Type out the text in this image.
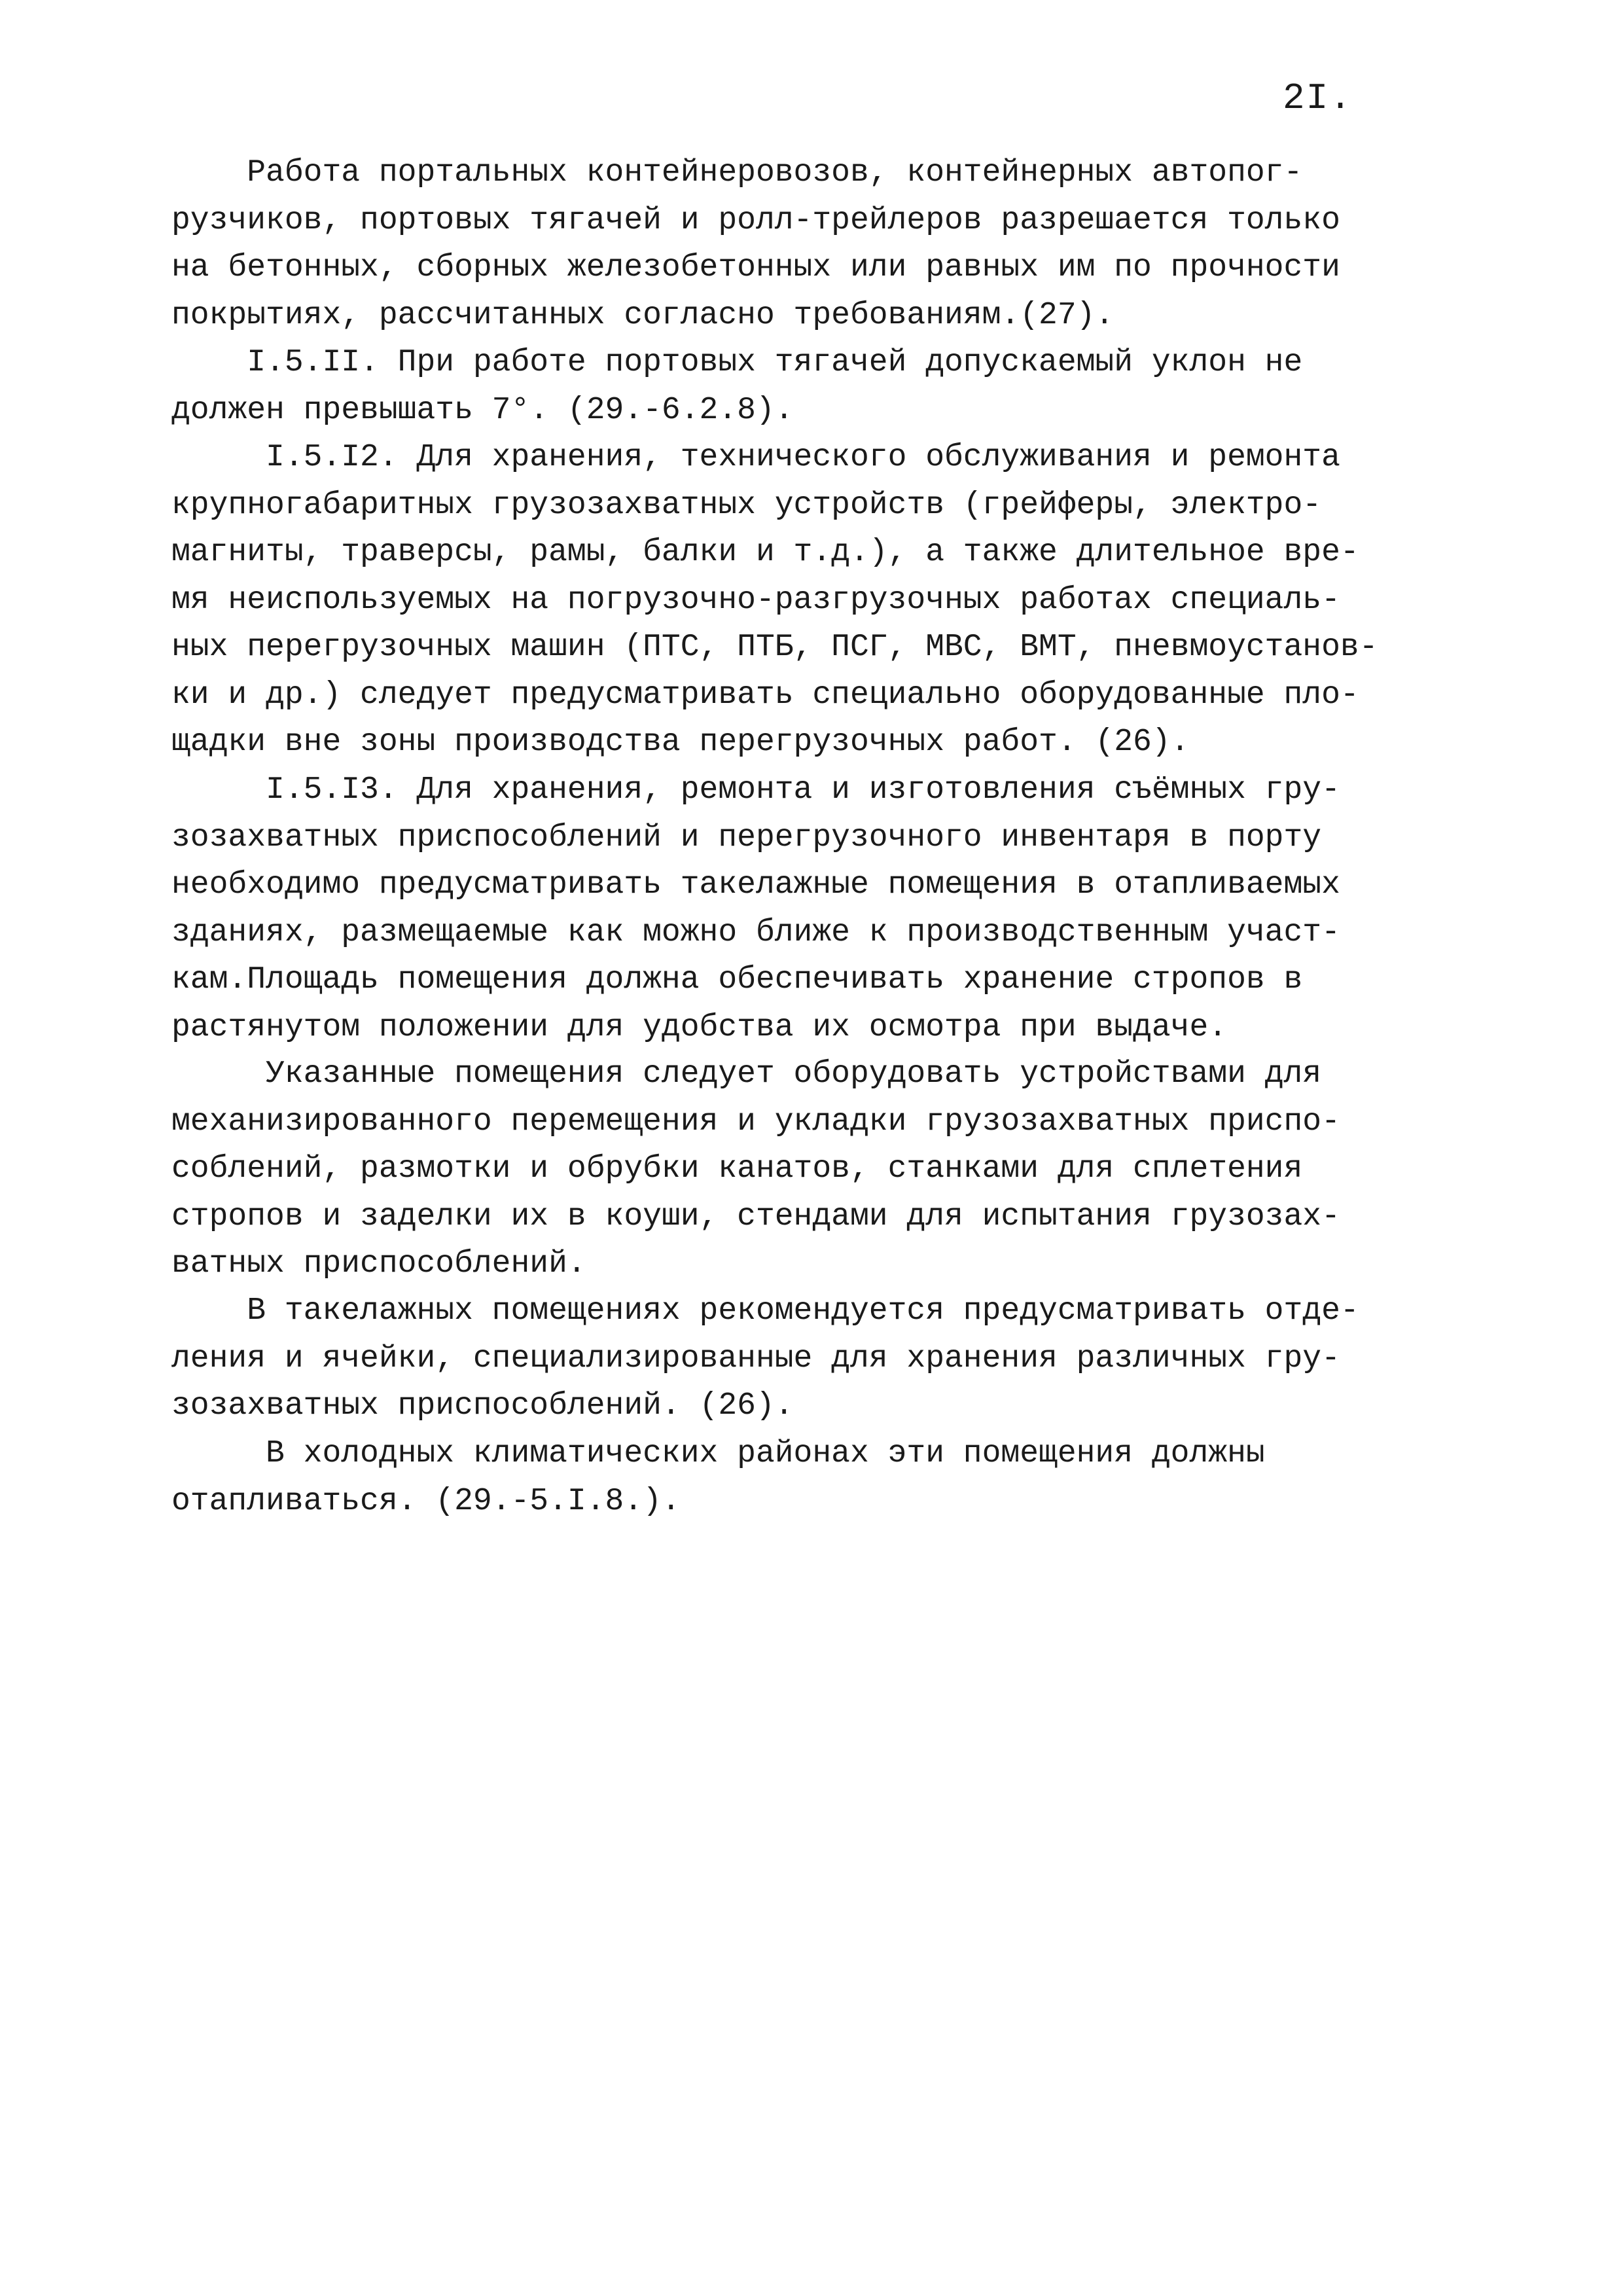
2I.
Работа портальных контейнеровозов, контейнерных автопог-
рузчиков, портовых тягачей и ролл-трейлеров разрешается только
на бетонных, сборных железобетонных или равных им по прочности
покрытиях, рассчитанных согласно требованиям.(27).
I.5.II. При работе портовых тягачей допускаемый уклон не
должен превышать 7°. (29.-6.2.8).
I.5.I2. Для хранения, технического обслуживания и ремонта
крупногабаритных грузозахватных устройств (грейферы, электро-
магниты, траверсы, рамы, балки и т.д.), а также длительное вре-
мя неиспользуемых на погрузочно-разгрузочных работах специаль-
ных перегрузочных машин (ПТС, ПТБ, ПСГ, МВС, ВМТ, пневмоустанов-
ки и др.) следует предусматривать специально оборудованные пло-
щадки вне зоны производства перегрузочных работ. (26).
I.5.I3. Для хранения, ремонта и изготовления съёмных гру-
зозахватных приспособлений и перегрузочного инвентаря в порту
необходимо предусматривать такелажные помещения в отапливаемых
зданиях, размещаемые как можно ближе к производственным участ-
кам.Площадь помещения должна обеспечивать хранение стропов в
растянутом положении для удобства их осмотра при выдаче.
Указанные помещения следует оборудовать устройствами для
механизированного перемещения и укладки грузозахватных приспо-
соблений, размотки и обрубки канатов, станками для сплетения
стропов и заделки их в коуши, стендами для испытания грузозах-
ватных приспособлений.
В такелажных помещениях рекомендуется предусматривать отде-
ления и ячейки, специализированные для хранения различных гру-
зозахватных приспособлений. (26).
В холодных климатических районах эти помещения должны
отапливаться. (29.-5.I.8.).
